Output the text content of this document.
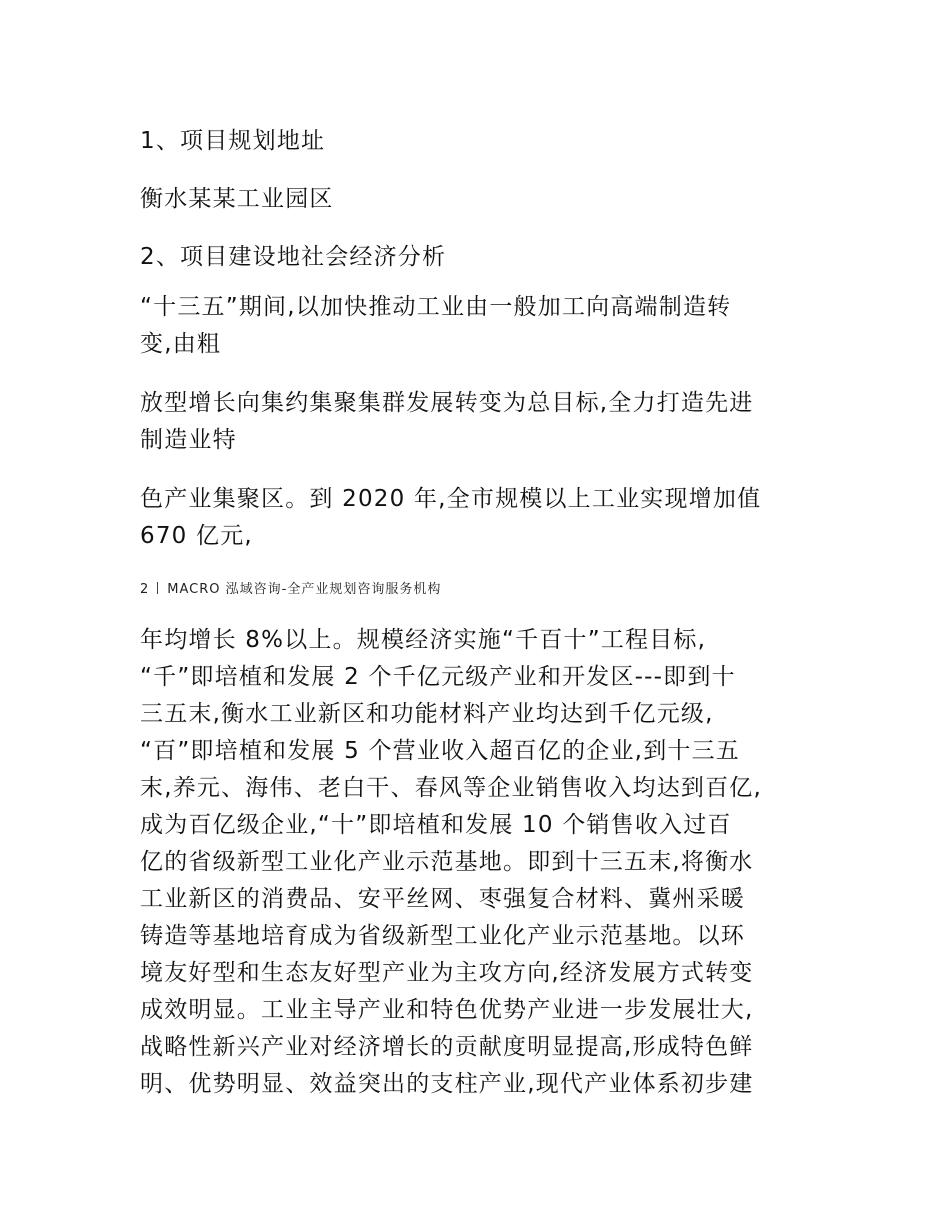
1、项目规划地址
衡水某某工业园区
2、项目建设地社会经济分析
“十三五”期间,以加快推动工业由一般加工向高端制造转
变,由粗
放型增长向集约集聚集群发展转变为总目标,全力打造先进
制造业特
色产业集聚区。到 2020 年,全市规模以上工业实现增加值
670 亿元,
2 MACRO 泓域咨询-全产业规划咨询服务机构
年均增长 8%以上。规模经济实施“千百十”工程目标,
“千”即培植和发展 2 个千亿元级产业和开发区---即到十
三五末,衡水工业新区和功能材料产业均达到千亿元级,
“百”即培植和发展 5 个营业收入超百亿的企业,到十三五
末,养元、海伟、老白干、春风等企业销售收入均达到百亿,
成为百亿级企业,“十”即培植和发展 10 个销售收入过百
亿的省级新型工业化产业示范基地。即到十三五末,将衡水
工业新区的消费品、安平丝网、枣强复合材料、冀州采暖
铸造等基地培育成为省级新型工业化产业示范基地。以环
境友好型和生态友好型产业为主攻方向,经济发展方式转变
成效明显。工业主导产业和特色优势产业进一步发展壮大,
战略性新兴产业对经济增长的贡献度明显提高,形成特色鲜
明、优势明显、效益突出的支柱产业,现代产业体系初步建
